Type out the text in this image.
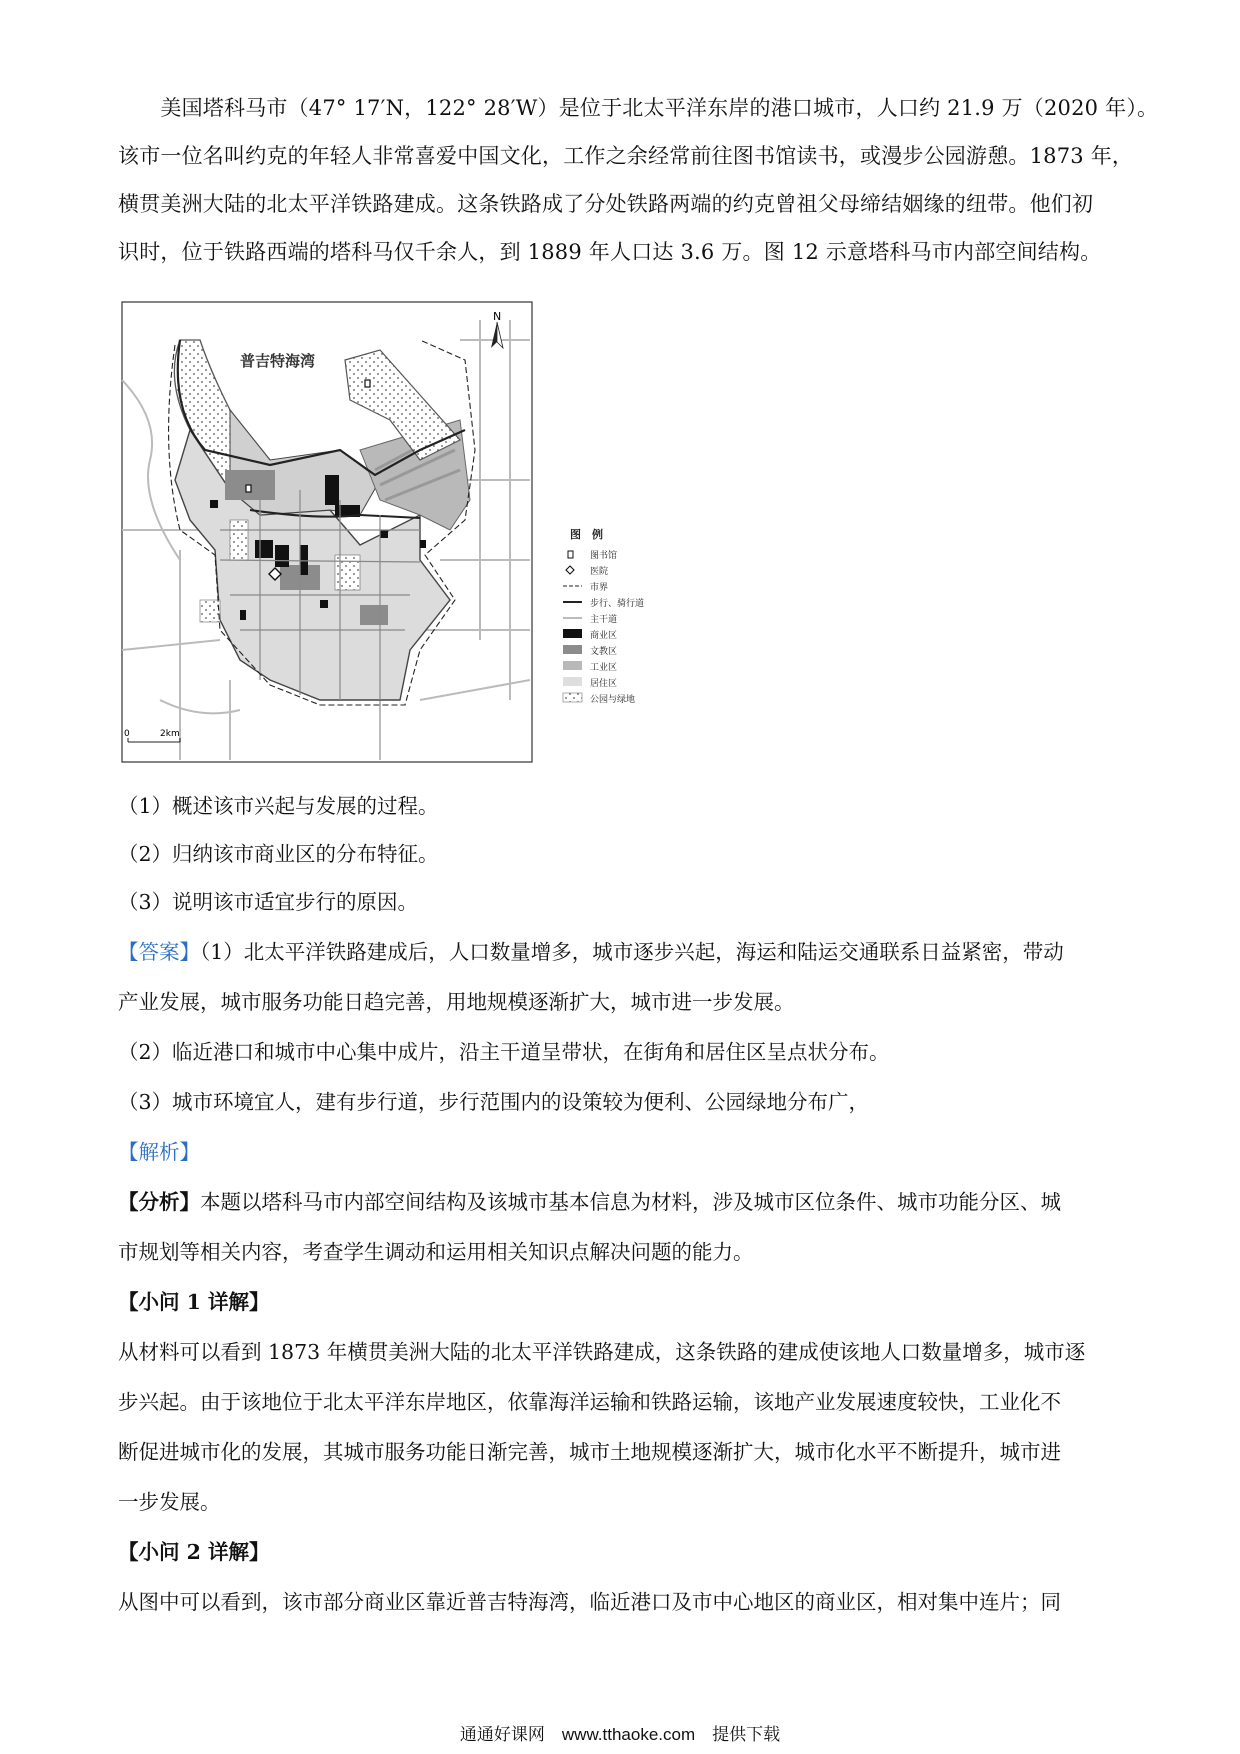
　　美国塔科马市（47° 17′N，122° 28′W）是位于北太平洋东岸的港口城市，人口约 21.9 万（2020 年）。
该市一位名叫约克的年轻人非常喜爱中国文化，工作之余经常前往图书馆读书，或漫步公园游憩。1873 年，
横贯美洲大陆的北太平洋铁路建成。这条铁路成了分处铁路两端的约克曾祖父母缔结姻缘的纽带。他们初
识时，位于铁路西端的塔科马仅千余人，到 1889 年人口达 3.6 万。图 12 示意塔科马市内部空间结构。
普吉特海湾
N
0	2km
图　例
图书馆
医院
市界
步行、骑行道
主干道
商业区
文教区
工业区
居住区
公园与绿地

（1）概述该市兴起与发展的过程。

（2）归纳该市商业区的分布特征。

（3）说明该市适宜步行的原因。

【答案】（1）北太平洋铁路建成后，人口数量增多，城市逐步兴起，海运和陆运交通联系日益紧密，带动

产业发展，城市服务功能日趋完善，用地规模逐渐扩大，城市进一步发展。

（2）临近港口和城市中心集中成片，沿主干道呈带状，在街角和居住区呈点状分布。

（3）城市环境宜人，建有步行道，步行范围内的设策较为便利、公园绿地分布广，

【解析】

【分析】本题以塔科马市内部空间结构及该城市基本信息为材料，涉及城市区位条件、城市功能分区、城

市规划等相关内容，考查学生调动和运用相关知识点解决问题的能力。

【小问 1 详解】

从材料可以看到 1873 年横贯美洲大陆的北太平洋铁路建成，这条铁路的建成使该地人口数量增多，城市逐

步兴起。由于该地位于北太平洋东岸地区，依靠海洋运输和铁路运输，该地产业发展速度较快，工业化不

断促进城市化的发展，其城市服务功能日渐完善，城市土地规模逐渐扩大，城市化水平不断提升，城市进

一步发展。

【小问 2 详解】

从图中可以看到，该市部分商业区靠近普吉特海湾，临近港口及市中心地区的商业区，相对集中连片；同

通通好课网　www.tthaoke.com　提供下载
